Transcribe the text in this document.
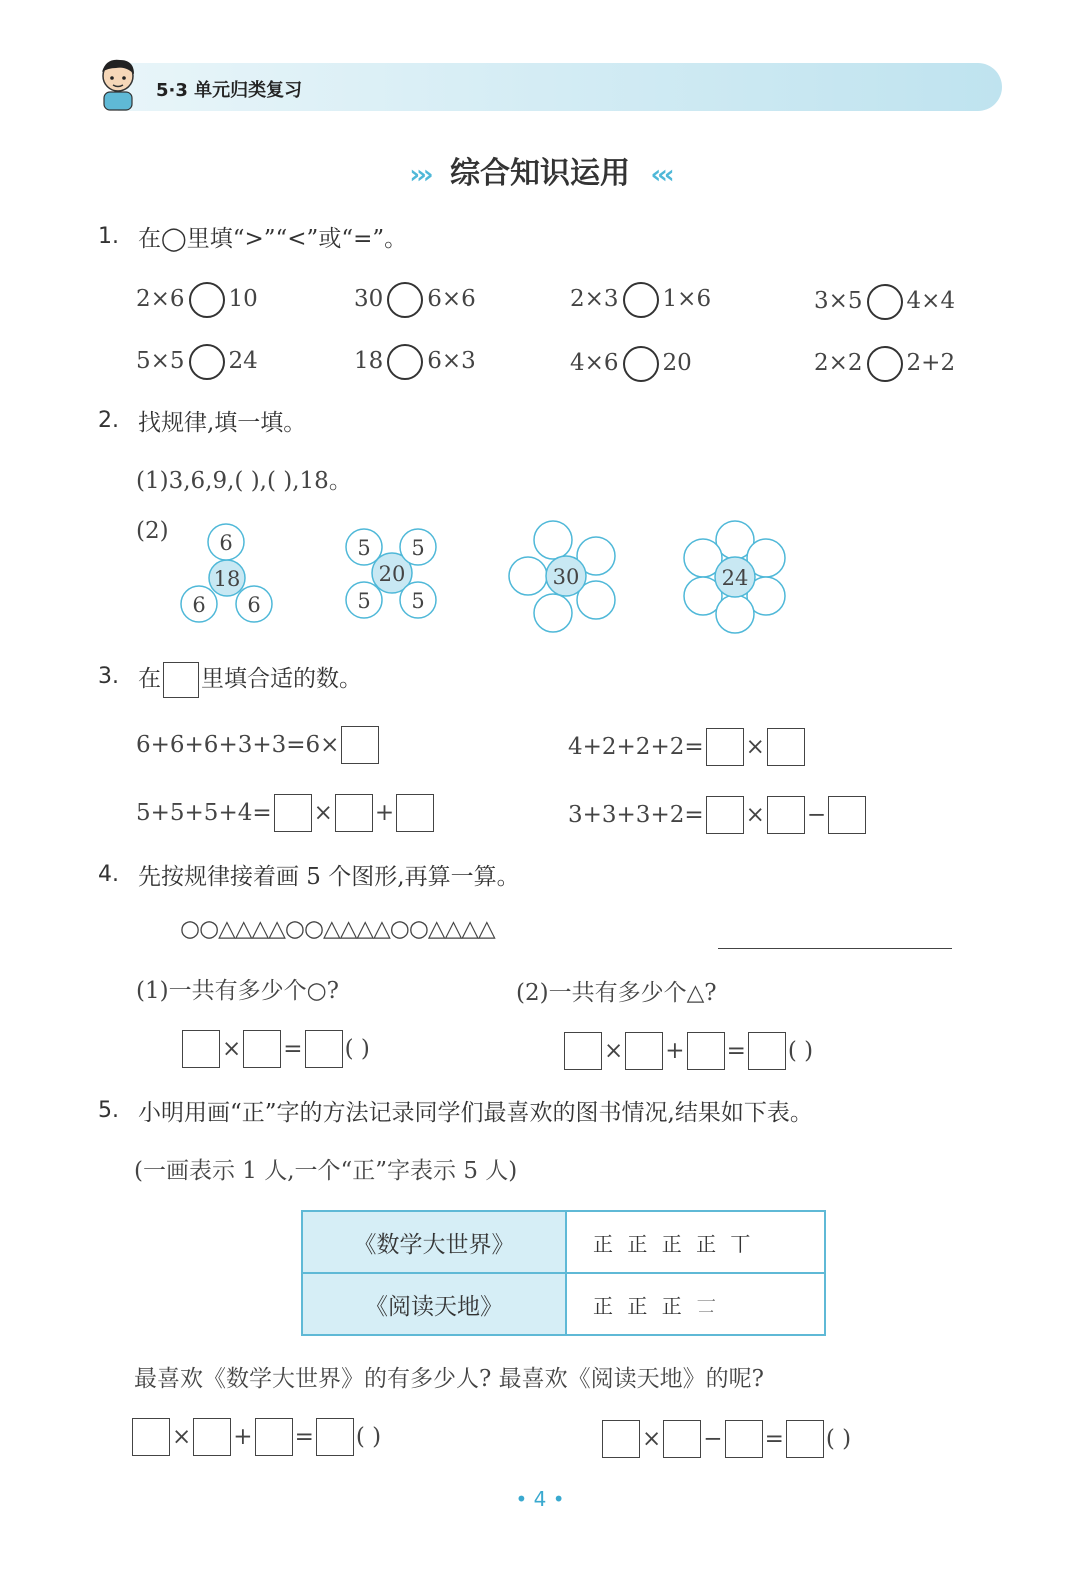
5·3 单元归类复习
››› 综合知识运用 ‹‹‹
1. 在◯里填“>”“<”或“=”。
2×6 10	30 6×6	2×3 1×6	3×5 4×4
5×5 24	18 6×3	4×6 20	2×2 2+2
2. 找规律,填一填。
(1)3,6,9,( ),( ),18。
(2)
18
6
6 6
20
5 5
5 5
30	24
3. 在 里填合适的数。
6+6+6+3+3=6×	4+2+2+2= ×
5+5+5+4= × +	3+3+3+2= × −
4. 先按规律接着画 5 个图形,再算一算。
○○△△△△○○△△△△○○△△△△
(1)一共有多少个○?	(2)一共有多少个△?
× = ( )	× + = ( )
5. 小明用画“正”字的方法记录同学们最喜欢的图书情况,结果如下表。
(一画表示 1 人,一个“正”字表示 5 人)
《数学大世界》	正 正 正 正 丅
《阅读天地》	正 正 正 𠄟
最喜欢《数学大世界》的有多少人? 最喜欢《阅读天地》的呢?
× + = ( )	× − = ( )
• 4 •
